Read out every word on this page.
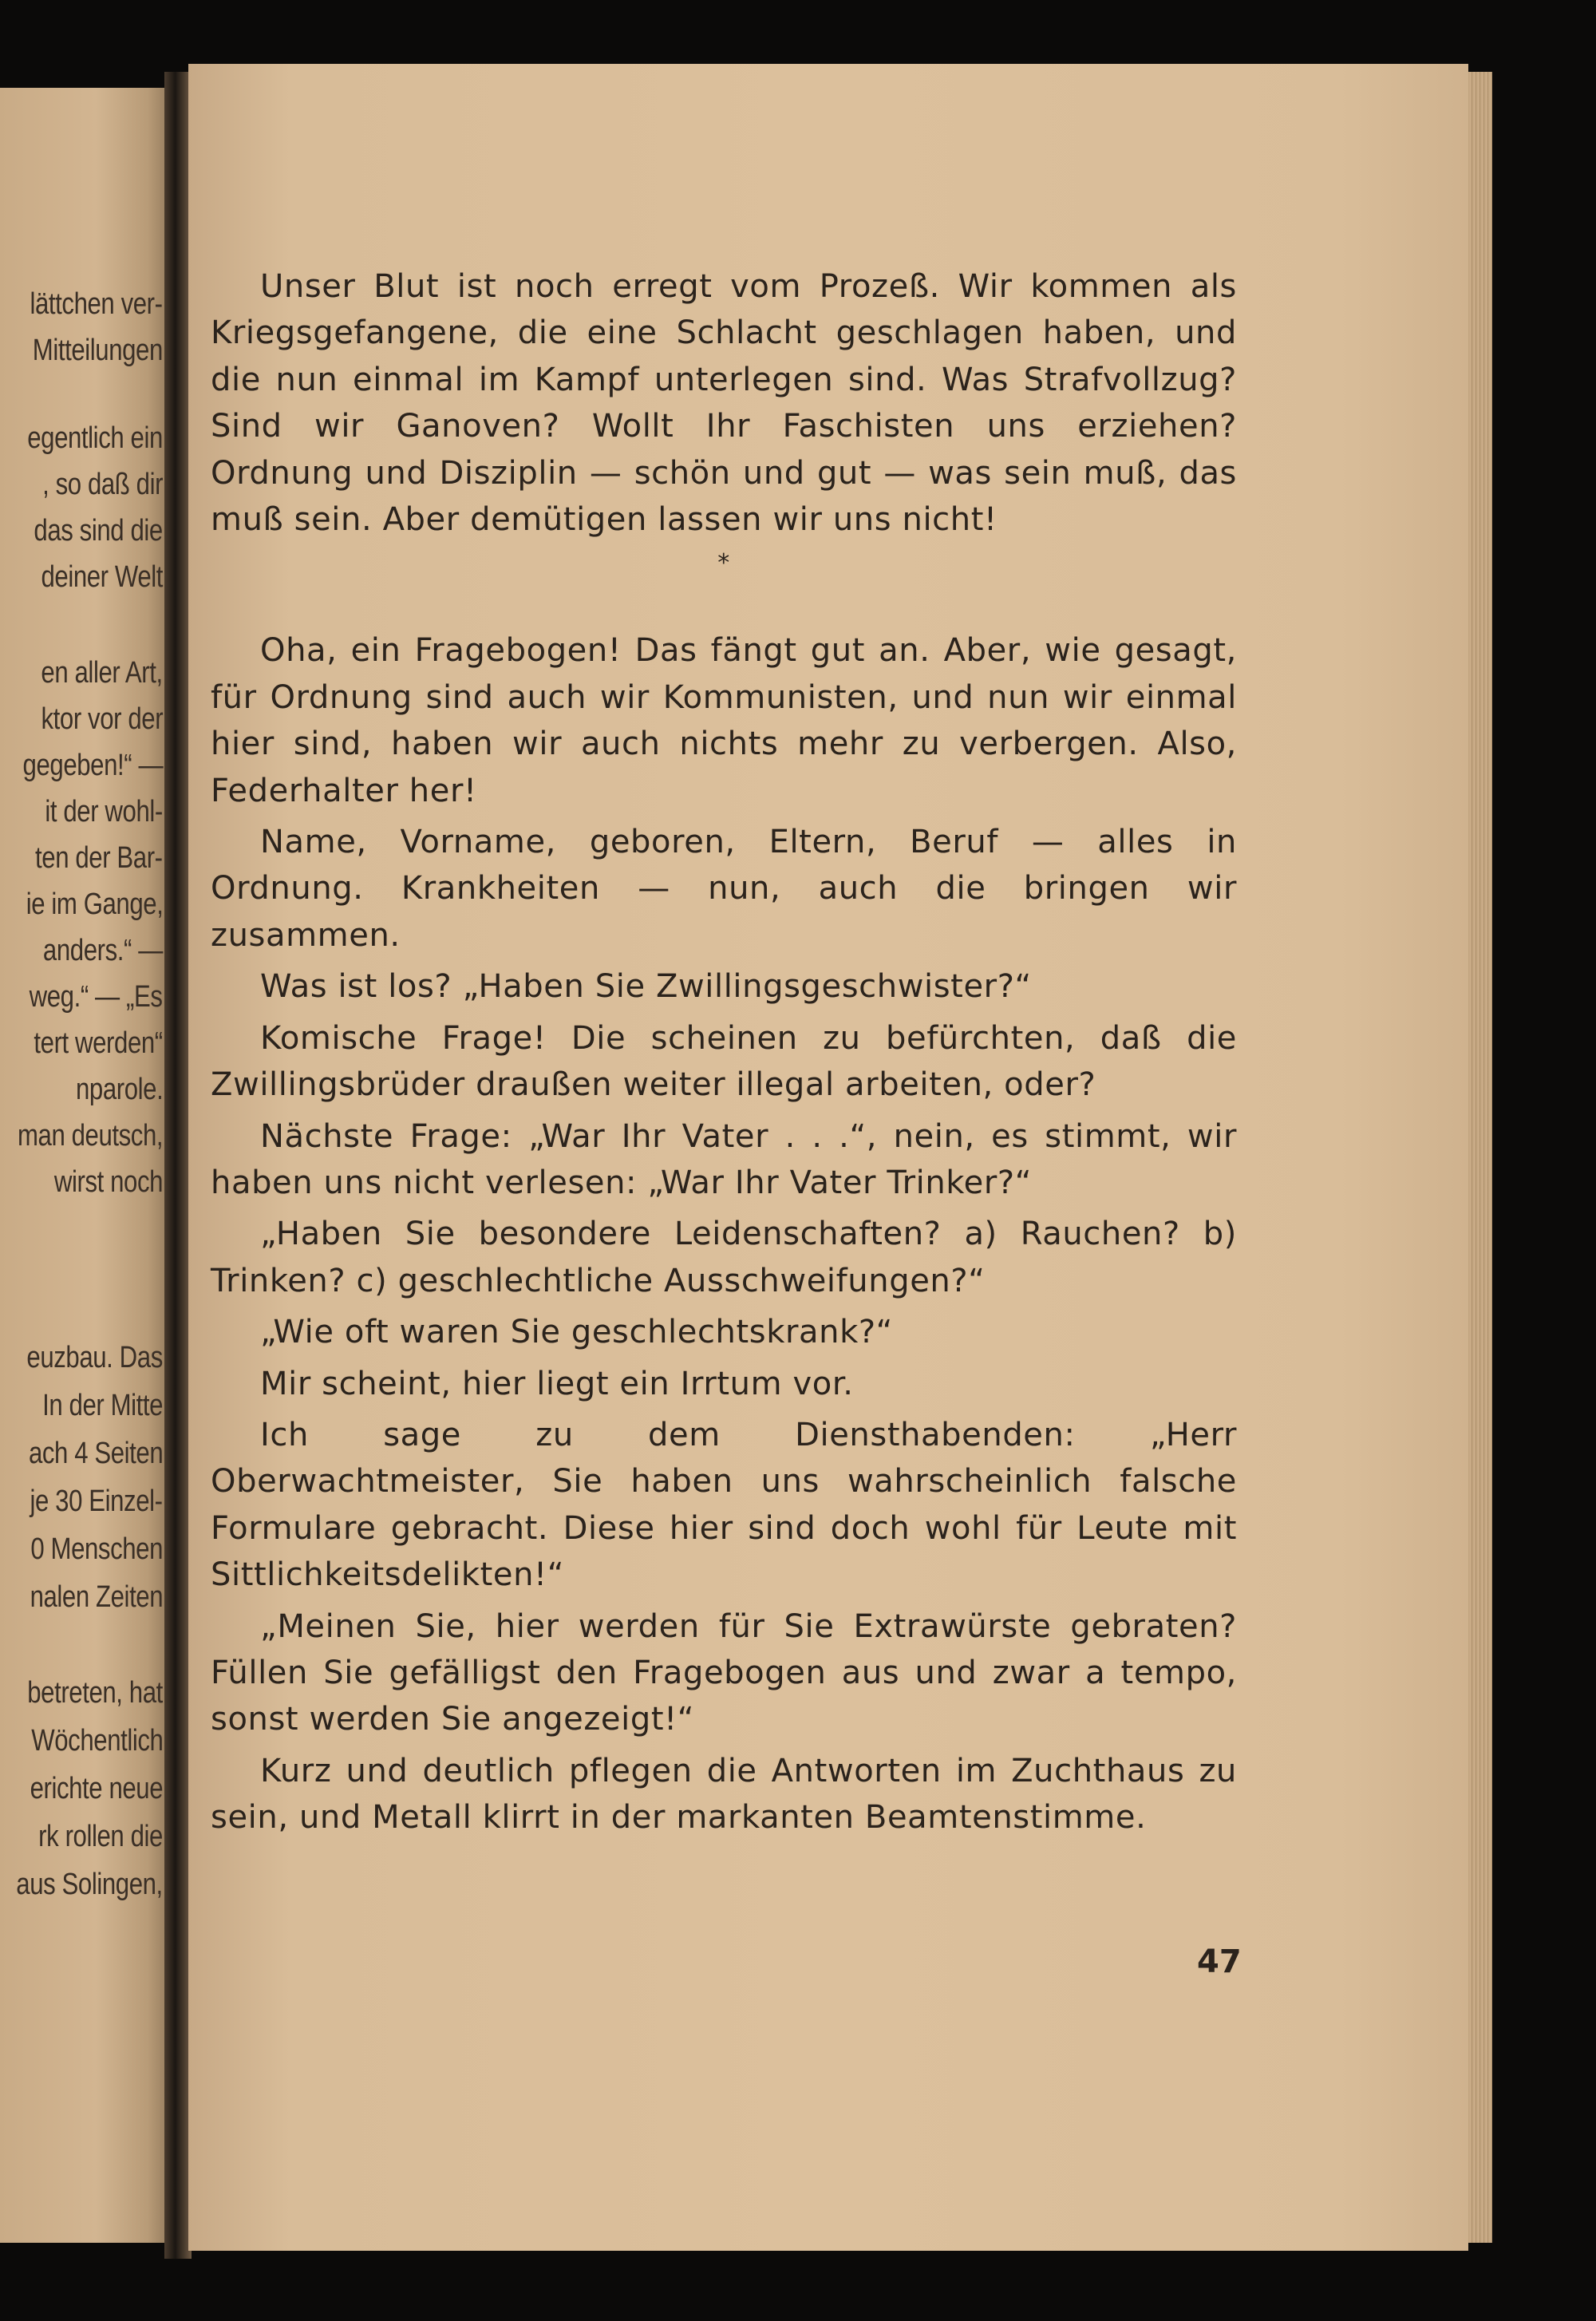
lättchen ver-
Mitteilungen
egentlich ein
, so daß dir
das sind die
deiner Welt
en aller Art,
ktor vor der
gegeben!“ —
it der wohl-
ten der Bar-
ie im Gange,
anders.“ —
weg.“ — „Es
tert werden“
nparole.
man deutsch,
wirst noch
euzbau. Das
In der Mitte
ach 4 Seiten
je 30 Einzel-
0 Menschen
nalen Zeiten
betreten, hat
Wöchentlich
erichte neue
rk rollen die
aus Solingen,

Unser Blut ist noch erregt vom Prozeß. Wir kommen als Kriegsgefangene, die eine Schlacht geschlagen haben, und die nun einmal im Kampf unterlegen sind. Was Strafvollzug? Sind wir Ganoven? Wollt Ihr Faschisten uns erziehen? Ordnung und Disziplin — schön und gut — was sein muß, das muß sein. Aber demütigen lassen wir uns nicht!

*

Oha, ein Fragebogen! Das fängt gut an. Aber, wie gesagt, für Ordnung sind auch wir Kommunisten, und nun wir einmal hier sind, haben wir auch nichts mehr zu verbergen. Also, Federhalter her!

Name, Vorname, geboren, Eltern, Beruf — alles in Ordnung. Krankheiten — nun, auch die bringen wir zusammen.

Was ist los? „Haben Sie Zwillingsgeschwister?“

Komische Frage! Die scheinen zu befürchten, daß die Zwillingsbrüder draußen weiter illegal arbeiten, oder?

Nächste Frage: „War Ihr Vater . . .“, nein, es stimmt, wir haben uns nicht verlesen: „War Ihr Vater Trinker?“

„Haben Sie besondere Leidenschaften? a) Rauchen? b) Trinken? c) geschlechtliche Ausschweifungen?“

„Wie oft waren Sie geschlechtskrank?“

Mir scheint, hier liegt ein Irrtum vor.

Ich sage zu dem Diensthabenden: „Herr Oberwachtmeister, Sie haben uns wahrscheinlich falsche Formulare gebracht. Diese hier sind doch wohl für Leute mit Sittlichkeitsdelikten!“

„Meinen Sie, hier werden für Sie Extrawürste gebraten? Füllen Sie gefälligst den Fragebogen aus und zwar a tempo, sonst werden Sie angezeigt!“

Kurz und deutlich pflegen die Antworten im Zuchthaus zu sein, und Metall klirrt in der markanten Beamtenstimme.

47
